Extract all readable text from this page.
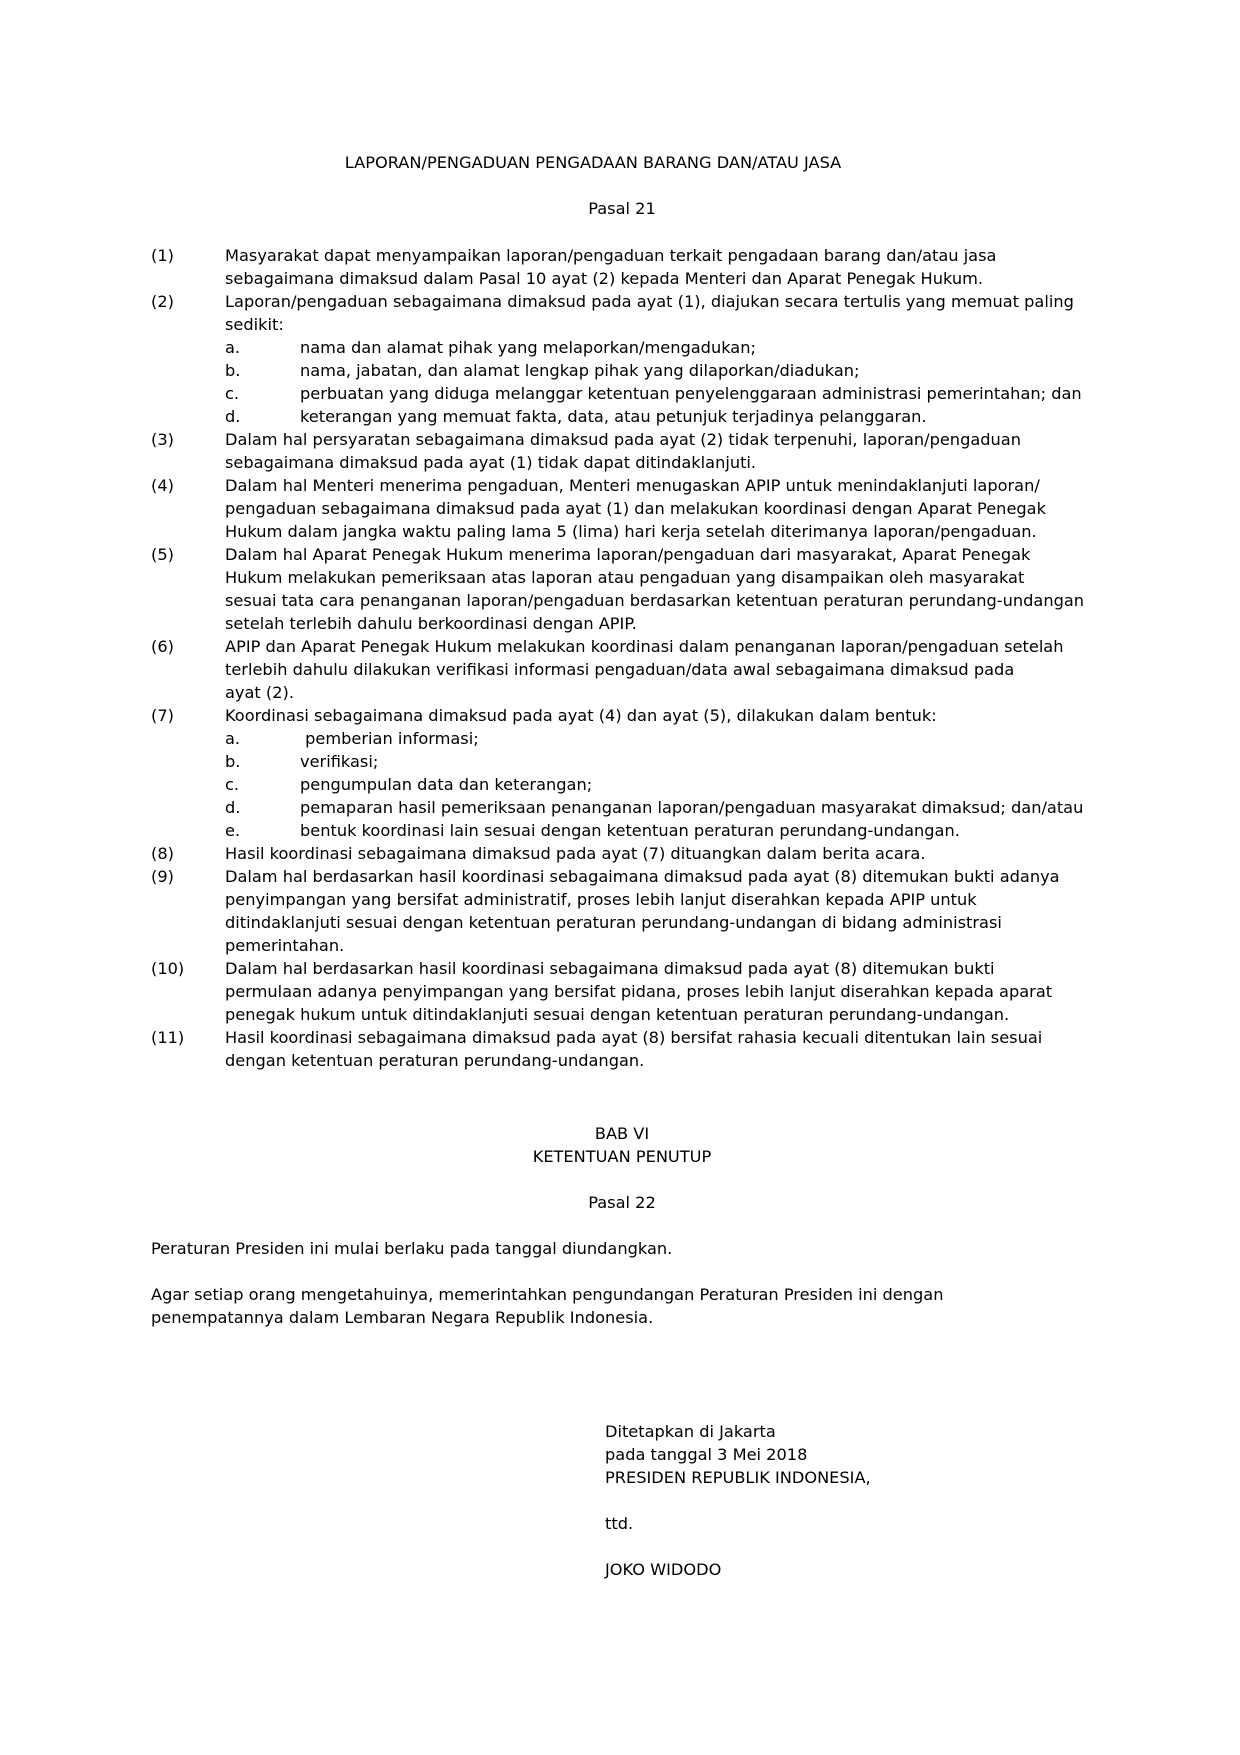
LAPORAN/PENGADUAN PENGADAAN BARANG DAN/ATAU JASA
Pasal 21
(1)	Masyarakat dapat menyampaikan laporan/pengaduan terkait pengadaan barang dan/atau jasa
sebagaimana dimaksud dalam Pasal 10 ayat (2) kepada Menteri dan Aparat Penegak Hukum.
(2)	Laporan/pengaduan sebagaimana dimaksud pada ayat (1), diajukan secara tertulis yang memuat paling
sedikit:
a.	nama dan alamat pihak yang melaporkan/mengadukan;
b.	nama, jabatan, dan alamat lengkap pihak yang dilaporkan/diadukan;
c.	perbuatan yang diduga melanggar ketentuan penyelenggaraan administrasi pemerintahan; dan
d.	keterangan yang memuat fakta, data, atau petunjuk terjadinya pelanggaran.
(3)	Dalam hal persyaratan sebagaimana dimaksud pada ayat (2) tidak terpenuhi, laporan/pengaduan
sebagaimana dimaksud pada ayat (1) tidak dapat ditindaklanjuti.
(4)	Dalam hal Menteri menerima pengaduan, Menteri menugaskan APIP untuk menindaklanjuti laporan/
pengaduan sebagaimana dimaksud pada ayat (1) dan melakukan koordinasi dengan Aparat Penegak
Hukum dalam jangka waktu paling lama 5 (lima) hari kerja setelah diterimanya laporan/pengaduan.
(5)	Dalam hal Aparat Penegak Hukum menerima laporan/pengaduan dari masyarakat, Aparat Penegak
Hukum melakukan pemeriksaan atas laporan atau pengaduan yang disampaikan oleh masyarakat
sesuai tata cara penanganan laporan/pengaduan berdasarkan ketentuan peraturan perundang-undangan
setelah terlebih dahulu berkoordinasi dengan APIP.
(6)	APIP dan Aparat Penegak Hukum melakukan koordinasi dalam penanganan laporan/pengaduan setelah
terlebih dahulu dilakukan verifikasi informasi pengaduan/data awal sebagaimana dimaksud pada
ayat (2).
(7)	Koordinasi sebagaimana dimaksud pada ayat (4) dan ayat (5), dilakukan dalam bentuk:
a.	pemberian informasi;
b.	verifikasi;
c.	pengumpulan data dan keterangan;
d.	pemaparan hasil pemeriksaan penanganan laporan/pengaduan masyarakat dimaksud; dan/atau
e.	bentuk koordinasi lain sesuai dengan ketentuan peraturan perundang-undangan.
(8)	Hasil koordinasi sebagaimana dimaksud pada ayat (7) dituangkan dalam berita acara.
(9)	Dalam hal berdasarkan hasil koordinasi sebagaimana dimaksud pada ayat (8) ditemukan bukti adanya
penyimpangan yang bersifat administratif, proses lebih lanjut diserahkan kepada APIP untuk
ditindaklanjuti sesuai dengan ketentuan peraturan perundang-undangan di bidang administrasi
pemerintahan.
(10)	Dalam hal berdasarkan hasil koordinasi sebagaimana dimaksud pada ayat (8) ditemukan bukti
permulaan adanya penyimpangan yang bersifat pidana, proses lebih lanjut diserahkan kepada aparat
penegak hukum untuk ditindaklanjuti sesuai dengan ketentuan peraturan perundang-undangan.
(11)	Hasil koordinasi sebagaimana dimaksud pada ayat (8) bersifat rahasia kecuali ditentukan lain sesuai
dengan ketentuan peraturan perundang-undangan.
BAB VI
KETENTUAN PENUTUP
Pasal 22
Peraturan Presiden ini mulai berlaku pada tanggal diundangkan.
Agar setiap orang mengetahuinya, memerintahkan pengundangan Peraturan Presiden ini dengan
penempatannya dalam Lembaran Negara Republik Indonesia.
Ditetapkan di Jakarta
pada tanggal 3 Mei 2018
PRESIDEN REPUBLIK INDONESIA,
ttd.
JOKO WIDODO
